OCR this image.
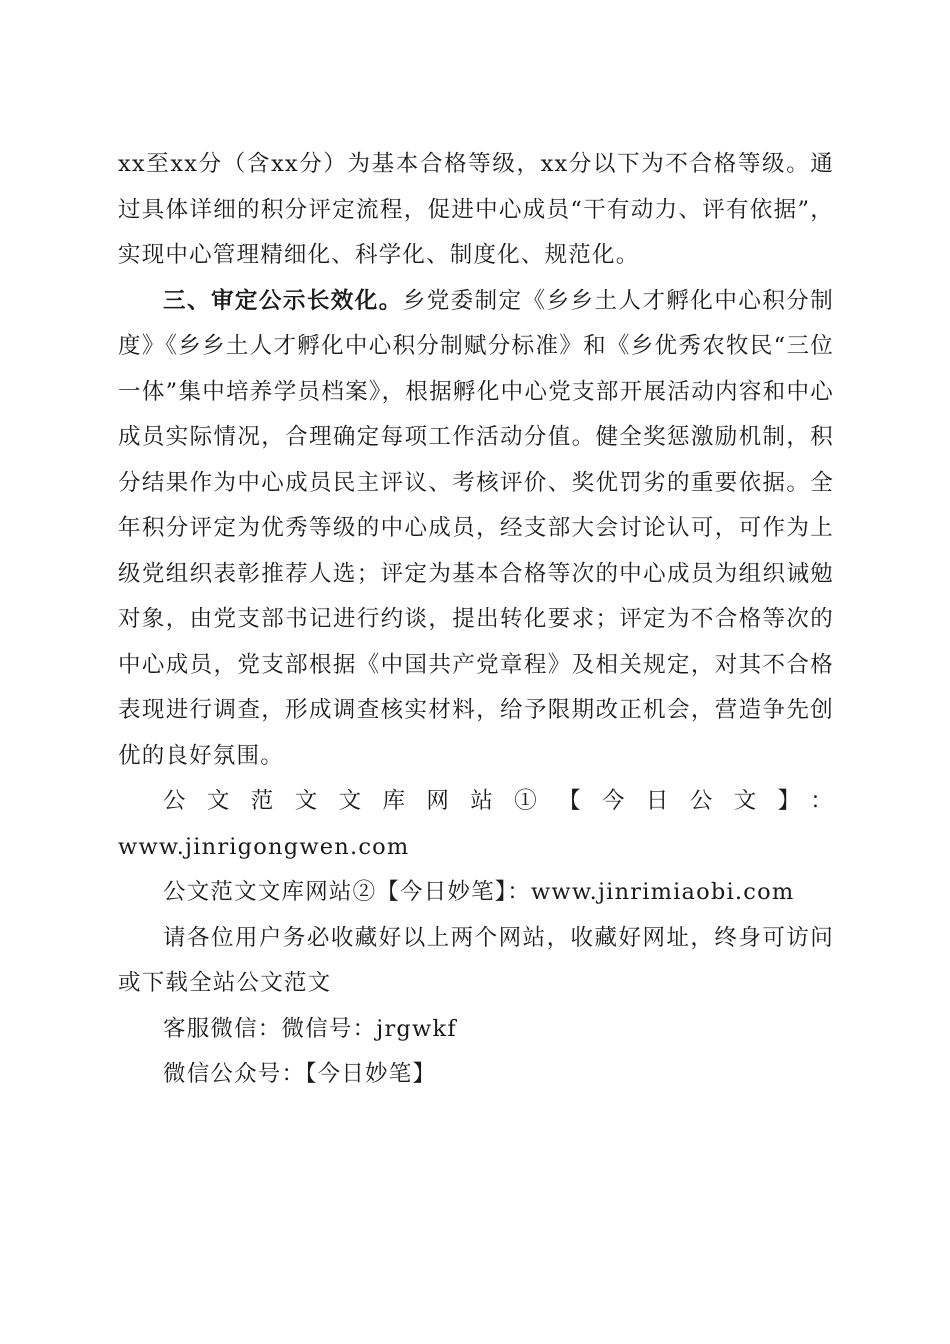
xx至xx分（含xx分）为基本合格等级，xx分以下为不合格等级。通过具体详细的积分评定流程，促进中心成员“干有动力、评有依据”，实现中心管理精细化、科学化、制度化、规范化。

三、审定公示长效化。乡党委制定《乡乡土人才孵化中心积分制度》《乡乡土人才孵化中心积分制赋分标准》和《乡优秀农牧民“三位一体”集中培养学员档案》，根据孵化中心党支部开展活动内容和中心成员实际情况，合理确定每项工作活动分值。健全奖惩激励机制，积分结果作为中心成员民主评议、考核评价、奖优罚劣的重要依据。全年积分评定为优秀等级的中心成员，经支部大会讨论认可，可作为上级党组织表彰推荐人选；评定为基本合格等次的中心成员为组织诫勉对象，由党支部书记进行约谈，提出转化要求；评定为不合格等次的中心成员，党支部根据《中国共产党章程》及相关规定，对其不合格表现进行调查，形成调查核实材料，给予限期改正机会，营造争先创优的良好氛围。

公文范文文库网站①【今日公文】：

www.jinrigongwen.com

公文范文文库网站②【今日妙笔】：www.jinrimiaobi.com

请各位用户务必收藏好以上两个网站，收藏好网址，终身可访问或下载全站公文范文

客服微信：微信号：jrgwkf

微信公众号：【今日妙笔】
